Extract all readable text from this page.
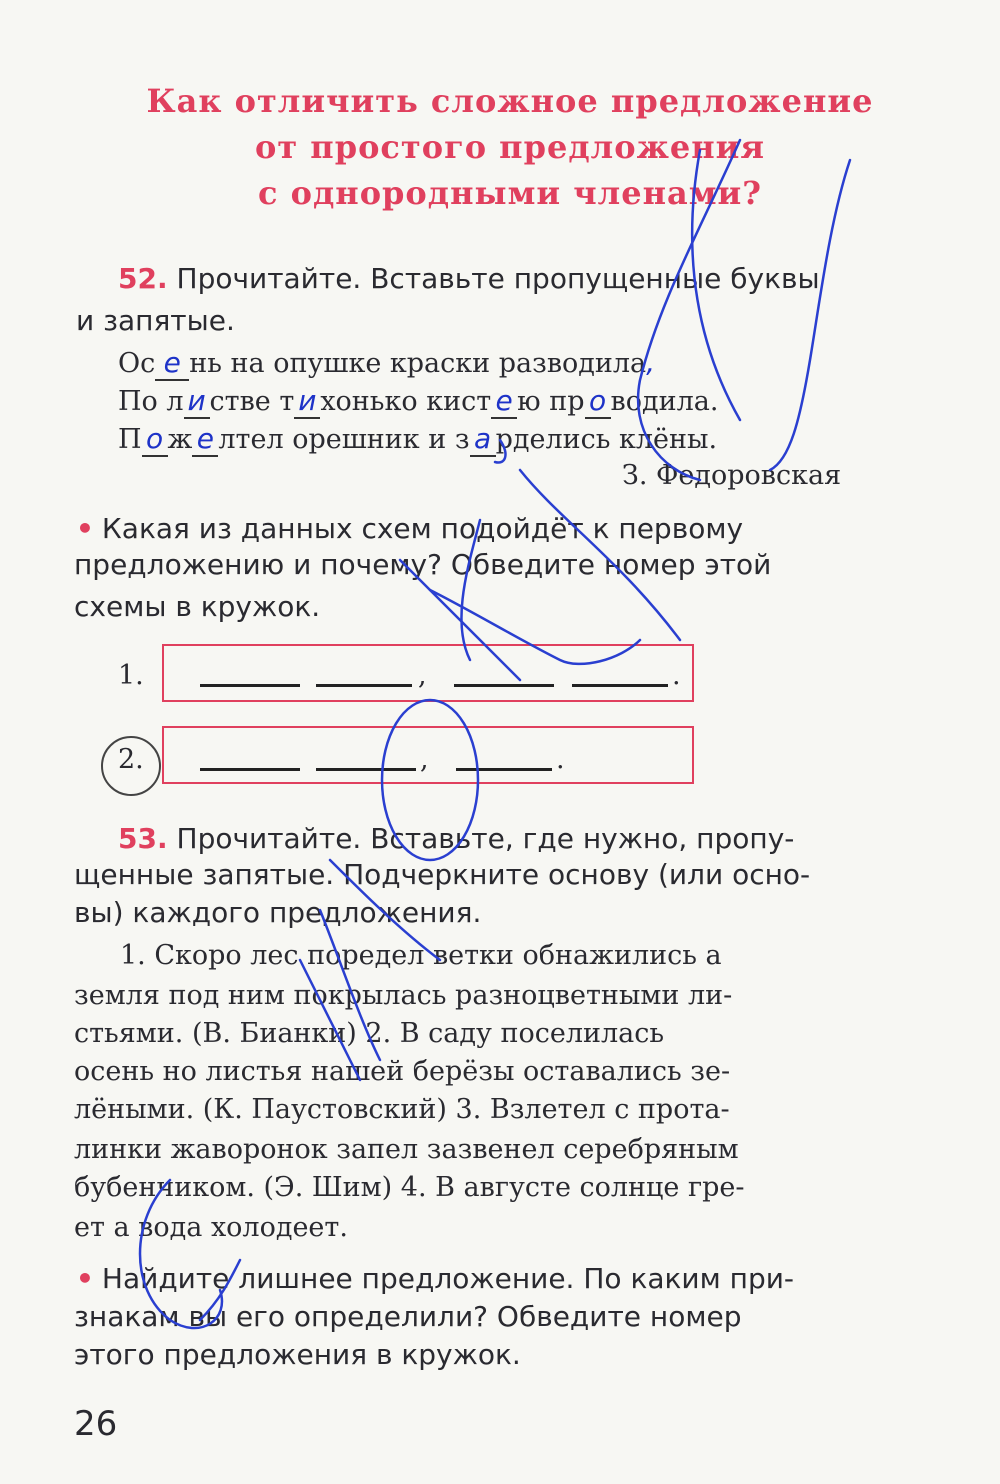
Как отличить сложное предложение
от простого предложения
с однородными членами?
52. Прочитайте. Вставьте пропущенные буквы
и запятые.
Ос е нь на опушке краски разводила,
По л и стве т и хонько кист е ю пр о водила.
П о ж е лтел орешник и з а рделись клёны.
З. Федоровская
• Какая из данных схем подойдёт к первому
предложению и почему? Обведите номер этой
схемы в кружок.
1.	,	.
2.	,	.
53. Прочитайте. Вставьте, где нужно, пропу-
щенные запятые. Подчеркните основу (или осно-
вы) каждого предложения.
1. Скоро лес поредел ветки обнажились а
земля под ним покрылась разноцветными ли-
стьями. (В. Бианки) 2. В саду поселилась
осень но листья нашей берёзы оставались зе-
лёными. (К. Паустовский) 3. Взлетел с прота-
линки жаворонок запел зазвенел серебряным
бубенчиком. (Э. Шим) 4. В августе солнце гре-
ет а вода холодеет.
• Найдите лишнее предложение. По каким при-
знакам вы его определили? Обведите номер
этого предложения в кружок.
26
